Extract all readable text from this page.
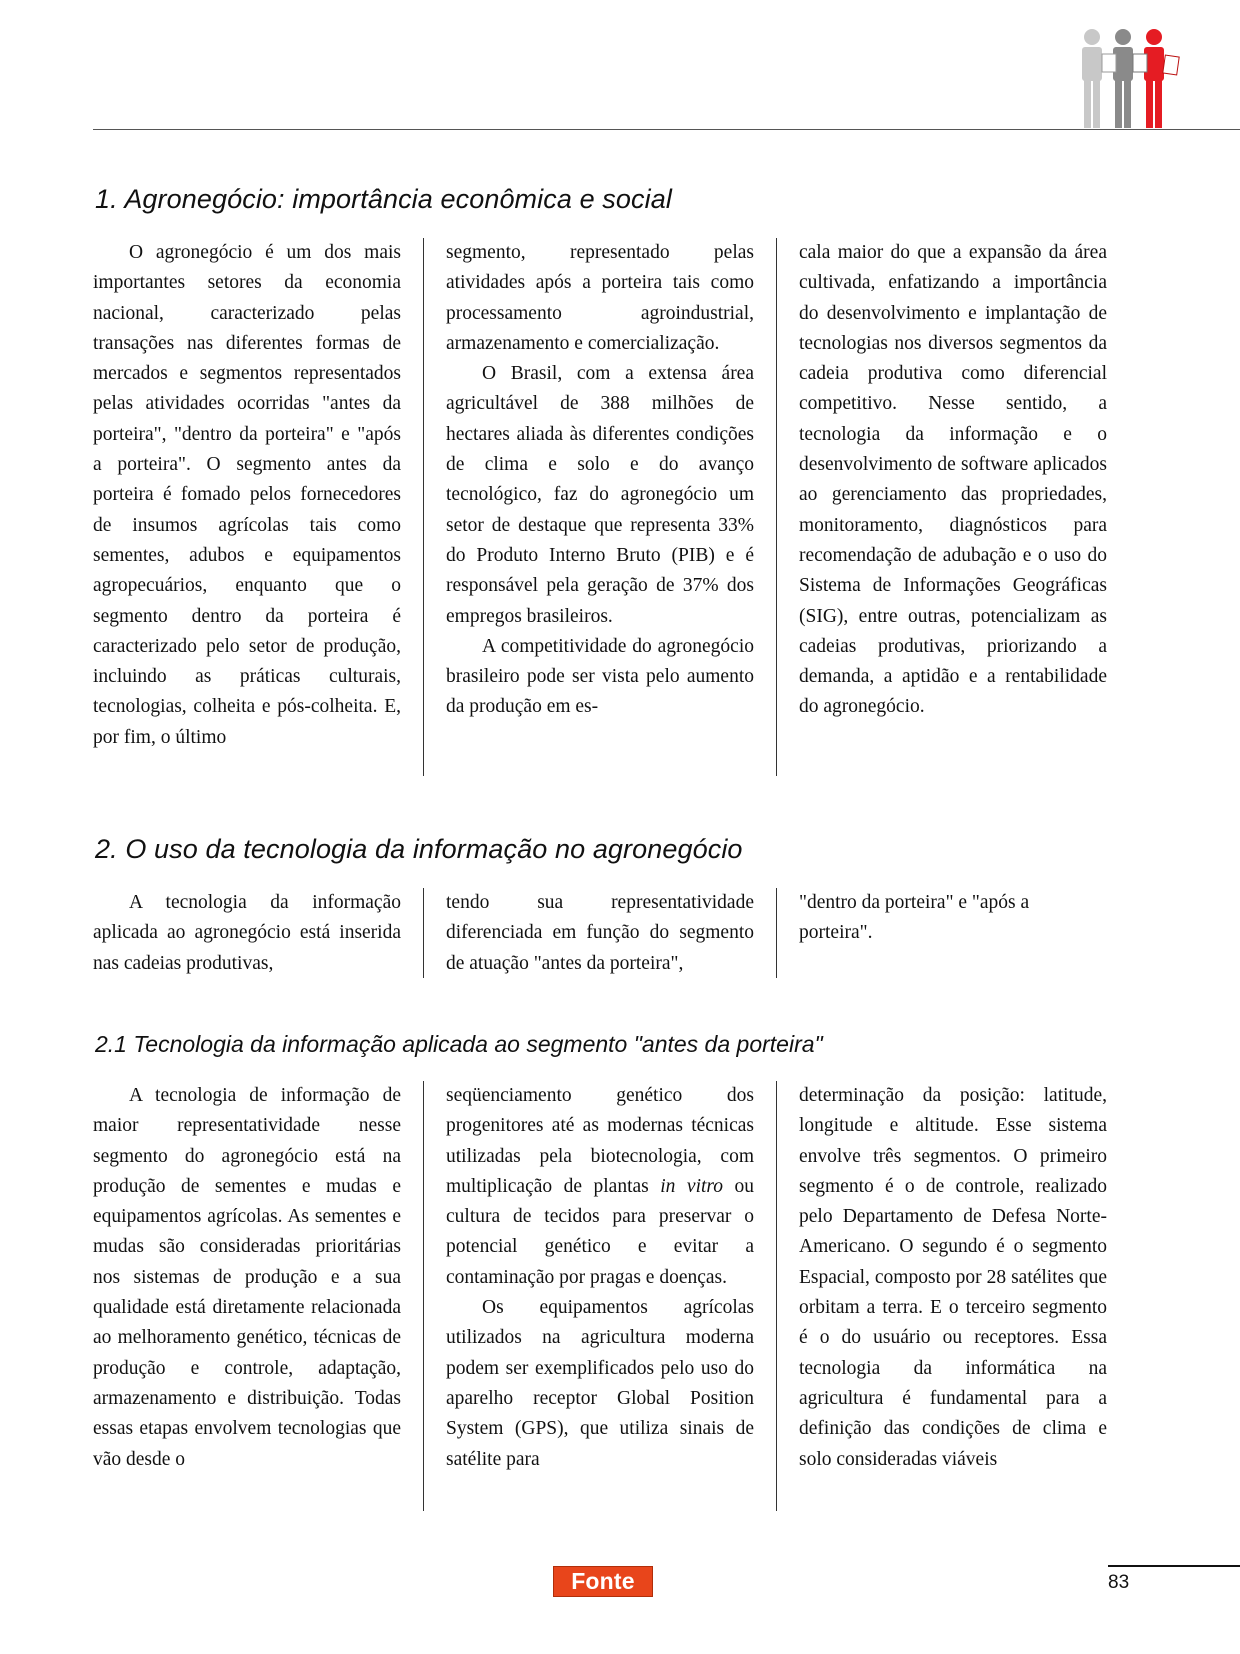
1. Agronegócio: importância econômica e social

O agronegócio é um dos mais importantes setores da economia nacional, caracterizado pelas transações nas diferentes formas de mercados e segmentos representados pelas atividades ocorridas "antes da porteira", "dentro da porteira" e "após a porteira". O segmento antes da porteira é fomado pelos fornecedores de insumos agrícolas tais como sementes, adubos e equipamentos agropecuários, enquanto que o segmento dentro da porteira é caracterizado pelo setor de produção, incluindo as práticas culturais, tecnologias, colheita e pós-colheita. E, por fim, o último

segmento, representado pelas atividades após a porteira tais como processamento agroindustrial, armazenamento e comercialização.

O Brasil, com a extensa área agricultável de 388 milhões de hectares aliada às diferentes condições de clima e solo e do avanço tecnológico, faz do agronegócio um setor de destaque que representa 33% do Produto Interno Bruto (PIB) e é responsável pela geração de 37% dos empregos brasileiros.

A competitividade do agronegócio brasileiro pode ser vista pelo aumento da produção em es-

cala maior do que a expansão da área cultivada, enfatizando a importância do desenvolvimento e implantação de tecnologias nos diversos segmentos da cadeia produtiva como diferencial competitivo. Nesse sentido, a tecnologia da informação e o desenvolvimento de software aplicados ao gerenciamento das propriedades, monitoramento, diagnósticos para recomendação de adubação e o uso do Sistema de Informações Geográficas (SIG), entre outras, potencializam as cadeias produtivas, priorizando a demanda, a aptidão e a rentabilidade do agronegócio.

2. O uso da tecnologia da informação no agronegócio

A tecnologia da informação aplicada ao agronegócio está inserida nas cadeias produtivas,

tendo sua representatividade diferenciada em função do segmento de atuação "antes da porteira",

"dentro da porteira" e "após a porteira".

2.1 Tecnologia da informação aplicada ao segmento "antes da porteira"

A tecnologia de informação de maior representatividade nesse segmento do agronegócio está na produção de sementes e mudas e equipamentos agrícolas. As sementes e mudas são consideradas prioritárias nos sistemas de produção e a sua qualidade está diretamente relacionada ao melhoramento genético, técnicas de produção e controle, adaptação, armazenamento e distribuição. Todas essas etapas envolvem tecnologias que vão desde o

seqüenciamento genético dos progenitores até as modernas técnicas utilizadas pela biotecnologia, com multiplicação de plantas in vitro ou cultura de tecidos para preservar o potencial genético e evitar a contaminação por pragas e doenças.

Os equipamentos agrícolas utilizados na agricultura moderna podem ser exemplificados pelo uso do aparelho receptor Global Position System (GPS), que utiliza sinais de satélite para

determinação da posição: latitude, longitude e altitude. Esse sistema envolve três segmentos. O primeiro segmento é o de controle, realizado pelo Departamento de Defesa Norte-Americano. O segundo é o segmento Espacial, composto por 28 satélites que orbitam a terra. E o terceiro segmento é o do usuário ou receptores. Essa tecnologia da informática na agricultura é fundamental para a definição das condições de clima e solo consideradas viáveis

Fonte	83
